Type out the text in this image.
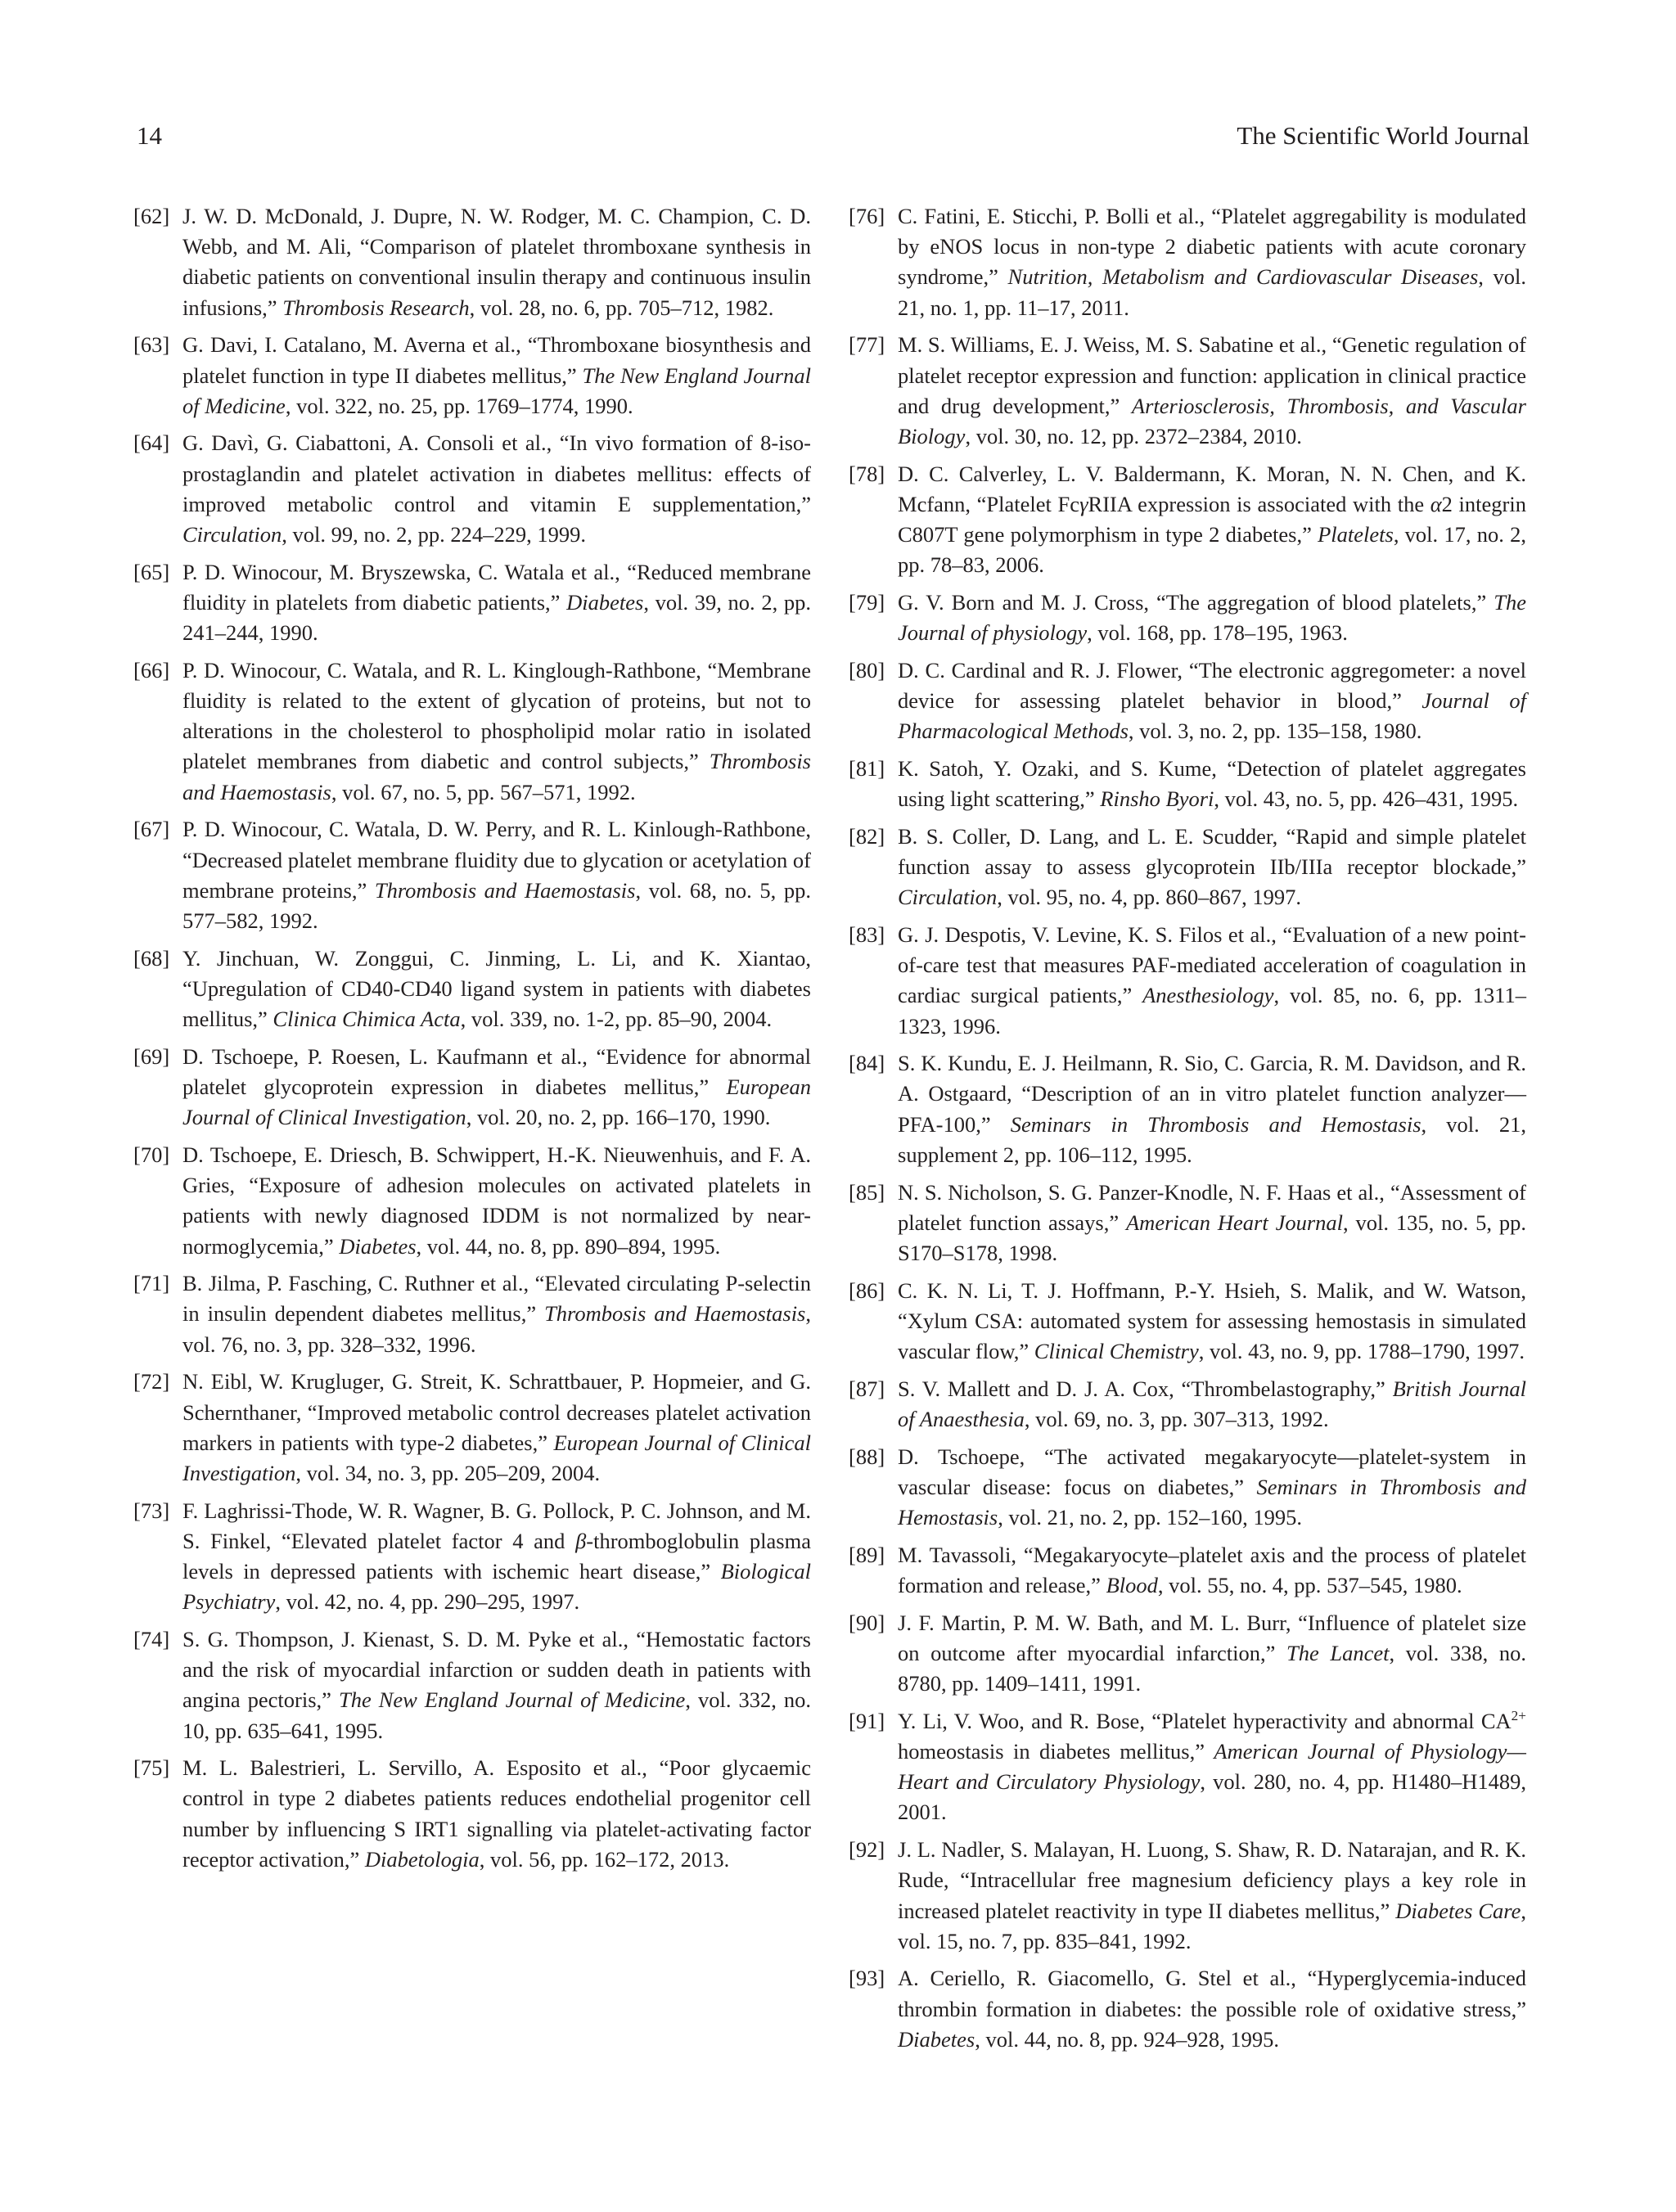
14	The Scientific World Journal
[62] J. W. D. McDonald, J. Dupre, N. W. Rodger, M. C. Champion, C. D. Webb, and M. Ali, “Comparison of platelet thromboxane synthesis in diabetic patients on conventional insulin therapy and continuous insulin infusions,” Thrombosis Research, vol. 28, no. 6, pp. 705–712, 1982.
[63] G. Davi, I. Catalano, M. Averna et al., “Thromboxane biosynthesis and platelet function in type II diabetes mellitus,” The New England Journal of Medicine, vol. 322, no. 25, pp. 1769–1774, 1990.
[64] G. Davì, G. Ciabattoni, A. Consoli et al., “In vivo formation of 8-iso-prostaglandin and platelet activation in diabetes mellitus: effects of improved metabolic control and vitamin E supplementation,” Circulation, vol. 99, no. 2, pp. 224–229, 1999.
[65] P. D. Winocour, M. Bryszewska, C. Watala et al., “Reduced membrane fluidity in platelets from diabetic patients,” Diabetes, vol. 39, no. 2, pp. 241–244, 1990.
[66] P. D. Winocour, C. Watala, and R. L. Kinglough-Rathbone, “Membrane fluidity is related to the extent of glycation of proteins, but not to alterations in the cholesterol to phospholipid molar ratio in isolated platelet membranes from diabetic and control subjects,” Thrombosis and Haemostasis, vol. 67, no. 5, pp. 567–571, 1992.
[67] P. D. Winocour, C. Watala, D. W. Perry, and R. L. Kinlough-Rathbone, “Decreased platelet membrane fluidity due to glycation or acetylation of membrane proteins,” Thrombosis and Haemostasis, vol. 68, no. 5, pp. 577–582, 1992.
[68] Y. Jinchuan, W. Zonggui, C. Jinming, L. Li, and K. Xiantao, “Upregulation of CD40-CD40 ligand system in patients with diabetes mellitus,” Clinica Chimica Acta, vol. 339, no. 1-2, pp. 85–90, 2004.
[69] D. Tschoepe, P. Roesen, L. Kaufmann et al., “Evidence for abnormal platelet glycoprotein expression in diabetes mellitus,” European Journal of Clinical Investigation, vol. 20, no. 2, pp. 166–170, 1990.
[70] D. Tschoepe, E. Driesch, B. Schwippert, H.-K. Nieuwenhuis, and F. A. Gries, “Exposure of adhesion molecules on activated platelets in patients with newly diagnosed IDDM is not normalized by near-normoglycemia,” Diabetes, vol. 44, no. 8, pp. 890–894, 1995.
[71] B. Jilma, P. Fasching, C. Ruthner et al., “Elevated circulating P-selectin in insulin dependent diabetes mellitus,” Thrombosis and Haemostasis, vol. 76, no. 3, pp. 328–332, 1996.
[72] N. Eibl, W. Krugluger, G. Streit, K. Schrattbauer, P. Hopmeier, and G. Schernthaner, “Improved metabolic control decreases platelet activation markers in patients with type-2 diabetes,” European Journal of Clinical Investigation, vol. 34, no. 3, pp. 205–209, 2004.
[73] F. Laghrissi-Thode, W. R. Wagner, B. G. Pollock, P. C. Johnson, and M. S. Finkel, “Elevated platelet factor 4 and β-thromboglobulin plasma levels in depressed patients with ischemic heart disease,” Biological Psychiatry, vol. 42, no. 4, pp. 290–295, 1997.
[74] S. G. Thompson, J. Kienast, S. D. M. Pyke et al., “Hemostatic factors and the risk of myocardial infarction or sudden death in patients with angina pectoris,” The New England Journal of Medicine, vol. 332, no. 10, pp. 635–641, 1995.
[75] M. L. Balestrieri, L. Servillo, A. Esposito et al., “Poor glycaemic control in type 2 diabetes patients reduces endothelial progenitor cell number by influencing S IRT1 signalling via platelet-activating factor receptor activation,” Diabetologia, vol. 56, pp. 162–172, 2013.
[76] C. Fatini, E. Sticchi, P. Bolli et al., “Platelet aggregability is modulated by eNOS locus in non-type 2 diabetic patients with acute coronary syndrome,” Nutrition, Metabolism and Cardiovascular Diseases, vol. 21, no. 1, pp. 11–17, 2011.
[77] M. S. Williams, E. J. Weiss, M. S. Sabatine et al., “Genetic regulation of platelet receptor expression and function: application in clinical practice and drug development,” Arteriosclerosis, Thrombosis, and Vascular Biology, vol. 30, no. 12, pp. 2372–2384, 2010.
[78] D. C. Calverley, L. V. Baldermann, K. Moran, N. N. Chen, and K. Mcfann, “Platelet FcγRIIA expression is associated with the α2 integrin C807T gene polymorphism in type 2 diabetes,” Platelets, vol. 17, no. 2, pp. 78–83, 2006.
[79] G. V. Born and M. J. Cross, “The aggregation of blood platelets,” The Journal of physiology, vol. 168, pp. 178–195, 1963.
[80] D. C. Cardinal and R. J. Flower, “The electronic aggregometer: a novel device for assessing platelet behavior in blood,” Journal of Pharmacological Methods, vol. 3, no. 2, pp. 135–158, 1980.
[81] K. Satoh, Y. Ozaki, and S. Kume, “Detection of platelet aggregates using light scattering,” Rinsho Byori, vol. 43, no. 5, pp. 426–431, 1995.
[82] B. S. Coller, D. Lang, and L. E. Scudder, “Rapid and simple platelet function assay to assess glycoprotein IIb/IIIa receptor blockade,” Circulation, vol. 95, no. 4, pp. 860–867, 1997.
[83] G. J. Despotis, V. Levine, K. S. Filos et al., “Evaluation of a new point-of-care test that measures PAF-mediated acceleration of coagulation in cardiac surgical patients,” Anesthesiology, vol. 85, no. 6, pp. 1311–1323, 1996.
[84] S. K. Kundu, E. J. Heilmann, R. Sio, C. Garcia, R. M. Davidson, and R. A. Ostgaard, “Description of an in vitro platelet function analyzer—PFA-100,” Seminars in Thrombosis and Hemostasis, vol. 21, supplement 2, pp. 106–112, 1995.
[85] N. S. Nicholson, S. G. Panzer-Knodle, N. F. Haas et al., “Assessment of platelet function assays,” American Heart Journal, vol. 135, no. 5, pp. S170–S178, 1998.
[86] C. K. N. Li, T. J. Hoffmann, P.-Y. Hsieh, S. Malik, and W. Watson, “Xylum CSA: automated system for assessing hemostasis in simulated vascular flow,” Clinical Chemistry, vol. 43, no. 9, pp. 1788–1790, 1997.
[87] S. V. Mallett and D. J. A. Cox, “Thrombelastography,” British Journal of Anaesthesia, vol. 69, no. 3, pp. 307–313, 1992.
[88] D. Tschoepe, “The activated megakaryocyte—platelet-system in vascular disease: focus on diabetes,” Seminars in Thrombosis and Hemostasis, vol. 21, no. 2, pp. 152–160, 1995.
[89] M. Tavassoli, “Megakaryocyte–platelet axis and the process of platelet formation and release,” Blood, vol. 55, no. 4, pp. 537–545, 1980.
[90] J. F. Martin, P. M. W. Bath, and M. L. Burr, “Influence of platelet size on outcome after myocardial infarction,” The Lancet, vol. 338, no. 8780, pp. 1409–1411, 1991.
[91] Y. Li, V. Woo, and R. Bose, “Platelet hyperactivity and abnormal $CA^{2+}$ homeostasis in diabetes mellitus,” American Journal of Physiology—Heart and Circulatory Physiology, vol. 280, no. 4, pp. H1480–H1489, 2001.
[92] J. L. Nadler, S. Malayan, H. Luong, S. Shaw, R. D. Natarajan, and R. K. Rude, “Intracellular free magnesium deficiency plays a key role in increased platelet reactivity in type II diabetes mellitus,” Diabetes Care, vol. 15, no. 7, pp. 835–841, 1992.
[93] A. Ceriello, R. Giacomello, G. Stel et al., “Hyperglycemia-induced thrombin formation in diabetes: the possible role of oxidative stress,” Diabetes, vol. 44, no. 8, pp. 924–928, 1995.
